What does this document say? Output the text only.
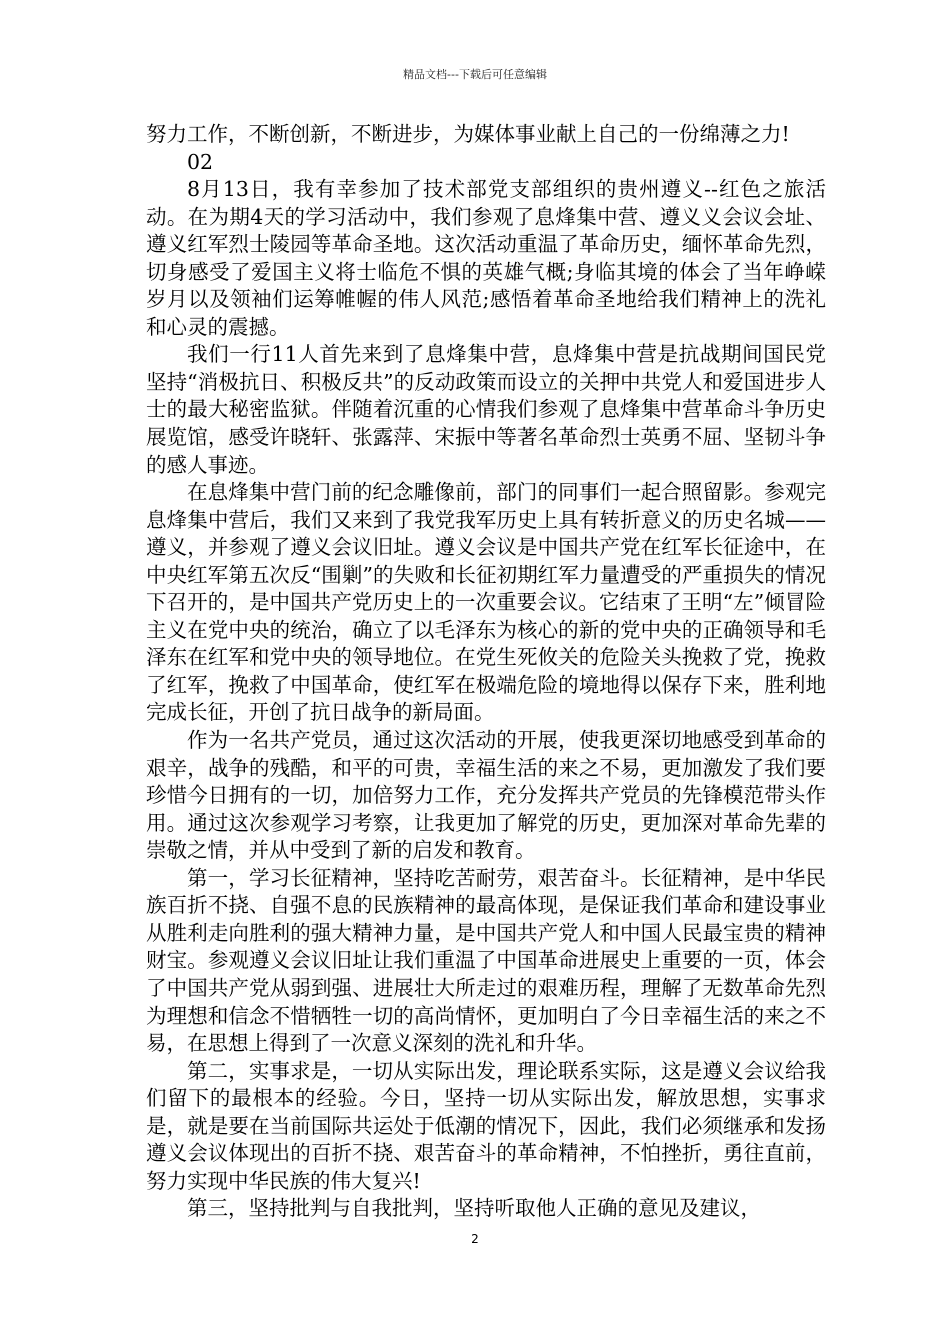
精品文档---下载后可任意编辑

努力工作，不断创新，不断进步，为媒体事业献上自己的一份绵薄之力!

02

8月13日，我有幸参加了技术部党支部组织的贵州遵义--红色之旅活动。在为期4天的学习活动中，我们参观了息烽集中营、遵义义会议会址、遵义红军烈士陵园等革命圣地。这次活动重温了革命历史，缅怀革命先烈，切身感受了爱国主义将士临危不惧的英雄气概;身临其境的体会了当年峥嵘岁月以及领袖们运筹帷幄的伟人风范;感悟着革命圣地给我们精神上的洗礼和心灵的震撼。

我们一行11人首先来到了息烽集中营，息烽集中营是抗战期间国民党坚持“消极抗日、积极反共”的反动政策而设立的关押中共党人和爱国进步人士的最大秘密监狱。伴随着沉重的心情我们参观了息烽集中营革命斗争历史展览馆，感受许晓轩、张露萍、宋振中等著名革命烈士英勇不屈、坚韧斗争的感人事迹。

在息烽集中营门前的纪念雕像前，部门的同事们一起合照留影。参观完息烽集中营后，我们又来到了我党我军历史上具有转折意义的历史名城——遵义，并参观了遵义会议旧址。遵义会议是中国共产党在红军长征途中，在中央红军第五次反“围剿”的失败和长征初期红军力量遭受的严重损失的情况下召开的，是中国共产党历史上的一次重要会议。它结束了王明“左”倾冒险主义在党中央的统治，确立了以毛泽东为核心的新的党中央的正确领导和毛泽东在红军和党中央的领导地位。在党生死攸关的危险关头挽救了党，挽救了红军，挽救了中国革命，使红军在极端危险的境地得以保存下来，胜利地完成长征，开创了抗日战争的新局面。

作为一名共产党员，通过这次活动的开展，使我更深切地感受到革命的艰辛，战争的残酷，和平的可贵，幸福生活的来之不易，更加激发了我们要珍惜今日拥有的一切，加倍努力工作，充分发挥共产党员的先锋模范带头作用。通过这次参观学习考察，让我更加了解党的历史，更加深对革命先辈的崇敬之情，并从中受到了新的启发和教育。

第一，学习长征精神，坚持吃苦耐劳，艰苦奋斗。长征精神，是中华民族百折不挠、自强不息的民族精神的最高体现，是保证我们革命和建设事业从胜利走向胜利的强大精神力量，是中国共产党人和中国人民最宝贵的精神财宝。参观遵义会议旧址让我们重温了中国革命进展史上重要的一页，体会了中国共产党从弱到强、进展壮大所走过的艰难历程，理解了无数革命先烈为理想和信念不惜牺牲一切的高尚情怀，更加明白了今日幸福生活的来之不易，在思想上得到了一次意义深刻的洗礼和升华。

第二，实事求是，一切从实际出发，理论联系实际，这是遵义会议给我们留下的最根本的经验。今日，坚持一切从实际出发，解放思想，实事求是，就是要在当前国际共运处于低潮的情况下，因此，我们必须继承和发扬遵义会议体现出的百折不挠、艰苦奋斗的革命精神，不怕挫折，勇往直前，努力实现中华民族的伟大复兴!

第三，坚持批判与自我批判，坚持听取他人正确的意见及建议，

2
